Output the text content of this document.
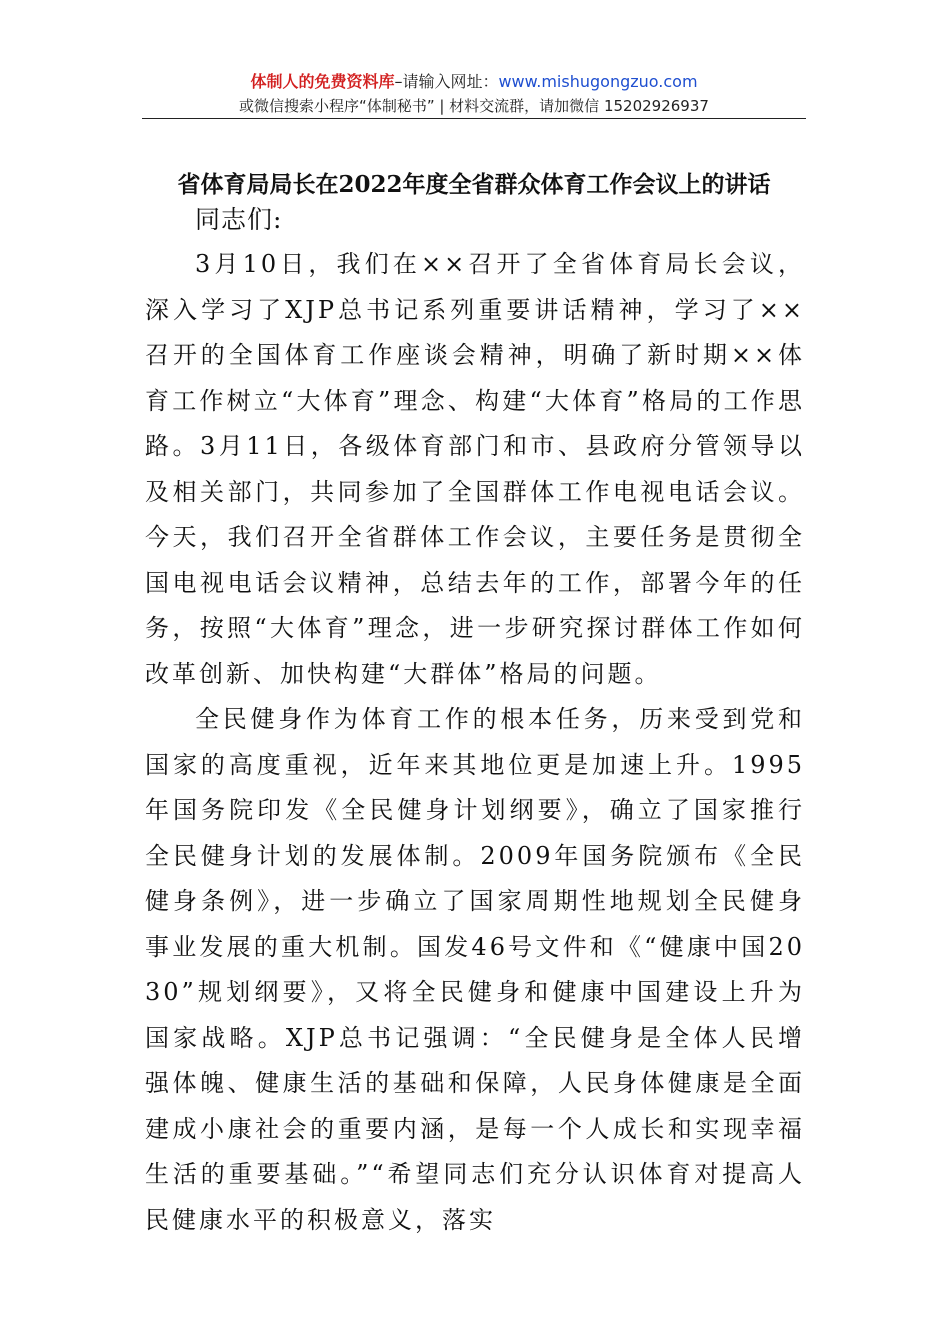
体制人的免费资料库–请输入网址：www.mishugongzuo.com
或微信搜索小程序“体制秘书” | 材料交流群，请加微信 15202926937
省体育局局长在2022年度全省群众体育工作会议上的讲话

同志们:

3月10日，我们在××召开了全省体育局长会议，深入学习了XJP总书记系列重要讲话精神，学习了××召开的全国体育工作座谈会精神，明确了新时期××体育工作树立“大体育”理念、构建“大体育”格局的工作思路。3月11日，各级体育部门和市、县政府分管领导以及相关部门，共同参加了全国群体工作电视电话会议。今天，我们召开全省群体工作会议，主要任务是贯彻全国电视电话会议精神，总结去年的工作，部署今年的任务，按照“大体育”理念，进一步研究探讨群体工作如何改革创新、加快构建“大群体”格局的问题。

全民健身作为体育工作的根本任务，历来受到党和国家的高度重视，近年来其地位更是加速上升。1995年国务院印发《全民健身计划纲要》，确立了国家推行全民健身计划的发展体制。2009年国务院颁布《全民健身条例》，进一步确立了国家周期性地规划全民健身事业发展的重大机制。国发46号文件和《“健康中国2030”规划纲要》，又将全民健身和健康中国建设上升为国家战略。XJP总书记强调：“全民健身是全体人民增强体魄、健康生活的基础和保障，人民身体健康是全面建成小康社会的重要内涵，是每一个人成长和实现幸福生活的重要基础。”“希望同志们充分认识体育对提高人民健康水平的积极意义，落实
